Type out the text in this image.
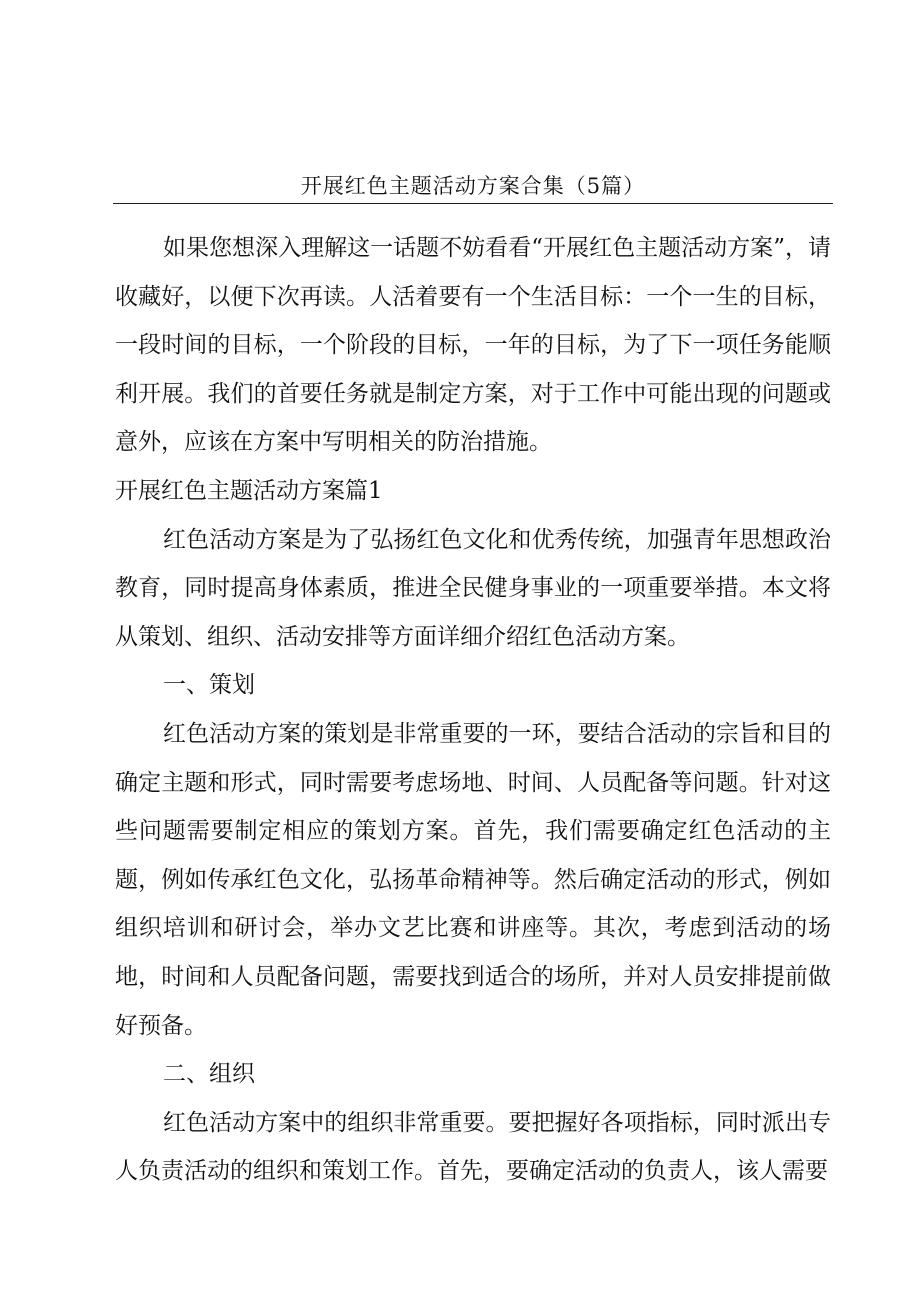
开展红色主题活动方案合集（5篇）

如果您想深入理解这一话题不妨看看“开展红色主题活动方案”，请收藏好，以便下次再读。人活着要有一个生活目标：一个一生的目标，一段时间的目标，一个阶段的目标，一年的目标，为了下一项任务能顺利开展。我们的首要任务就是制定方案，对于工作中可能出现的问题或意外，应该在方案中写明相关的防治措施。

开展红色主题活动方案篇1

红色活动方案是为了弘扬红色文化和优秀传统，加强青年思想政治教育，同时提高身体素质，推进全民健身事业的一项重要举措。本文将从策划、组织、活动安排等方面详细介绍红色活动方案。

一、策划

红色活动方案的策划是非常重要的一环，要结合活动的宗旨和目的确定主题和形式，同时需要考虑场地、时间、人员配备等问题。针对这些问题需要制定相应的策划方案。首先，我们需要确定红色活动的主题，例如传承红色文化，弘扬革命精神等。然后确定活动的形式，例如组织培训和研讨会，举办文艺比赛和讲座等。其次，考虑到活动的场地，时间和人员配备问题，需要找到适合的场所，并对人员安排提前做好预备。

二、组织

红色活动方案中的组织非常重要。要把握好各项指标，同时派出专人负责活动的组织和策划工作。首先，要确定活动的负责人，该人需要
